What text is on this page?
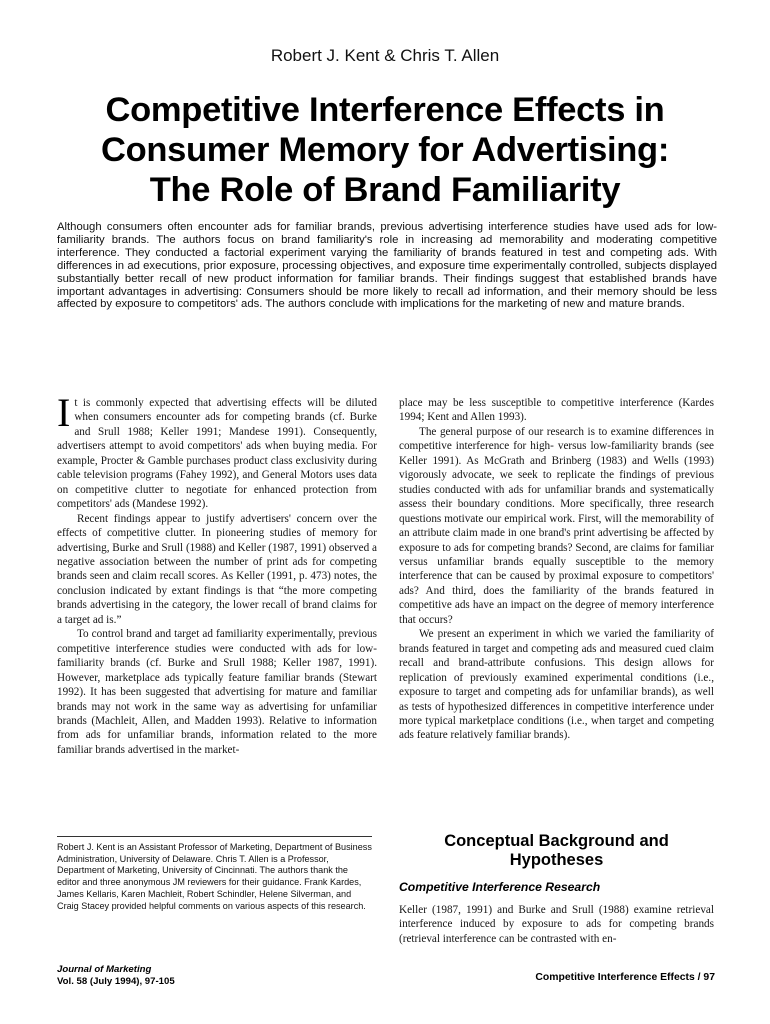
Robert J. Kent & Chris T. Allen
Competitive Interference Effects in
Consumer Memory for Advertising:
The Role of Brand Familiarity

Although consumers often encounter ads for familiar brands, previous advertising interference studies have used ads for low-familiarity brands. The authors focus on brand familiarity's role in increasing ad memorability and moderating competitive interference. They conducted a factorial experiment varying the familiarity of brands featured in test and competing ads. With differences in ad executions, prior exposure, processing objectives, and exposure time experimentally controlled, subjects displayed substantially better recall of new product information for familiar brands. Their findings suggest that established brands have important advantages in advertising: Consumers should be more likely to recall ad information, and their memory should be less affected by exposure to competitors' ads. The authors conclude with implications for the marketing of new and mature brands.

It is commonly expected that advertising effects will be diluted when consumers encounter ads for competing brands (cf. Burke and Srull 1988; Keller 1991; Mandese 1991). Consequently, advertisers attempt to avoid competitors' ads when buying media. For example, Procter & Gamble purchases product class exclusivity during cable television programs (Fahey 1992), and General Motors uses data on competitive clutter to negotiate for enhanced protection from competitors' ads (Mandese 1992).

Recent findings appear to justify advertisers' concern over the effects of competitive clutter. In pioneering studies of memory for advertising, Burke and Srull (1988) and Keller (1987, 1991) observed a negative association between the number of print ads for competing brands seen and claim recall scores. As Keller (1991, p. 473) notes, the conclusion indicated by extant findings is that “the more competing brands advertising in the category, the lower recall of brand claims for a target ad is.”

To control brand and target ad familiarity experimentally, previous competitive interference studies were conducted with ads for low-familiarity brands (cf. Burke and Srull 1988; Keller 1987, 1991). However, marketplace ads typically feature familiar brands (Stewart 1992). It has been suggested that advertising for mature and familiar brands may not work in the same way as advertising for unfamiliar brands (Machleit, Allen, and Madden 1993). Relative to information from ads for unfamiliar brands, information related to the more familiar brands advertised in the market-

place may be less susceptible to competitive interference (Kardes 1994; Kent and Allen 1993).

The general purpose of our research is to examine differences in competitive interference for high- versus low-familiarity brands (see Keller 1991). As McGrath and Brinberg (1983) and Wells (1993) vigorously advocate, we seek to replicate the findings of previous studies conducted with ads for unfamiliar brands and systematically assess their boundary conditions. More specifically, three research questions motivate our empirical work. First, will the memorability of an attribute claim made in one brand's print advertising be affected by exposure to ads for competing brands? Second, are claims for familiar versus unfamiliar brands equally susceptible to the memory interference that can be caused by proximal exposure to competitors' ads? And third, does the familiarity of the brands featured in competitive ads have an impact on the degree of memory interference that occurs?

We present an experiment in which we varied the familiarity of brands featured in target and competing ads and measured cued claim recall and brand-attribute confusions. This design allows for replication of previously examined experimental conditions (i.e., exposure to target and competing ads for unfamiliar brands), as well as tests of hypothesized differences in competitive interference under more typical marketplace conditions (i.e., when target and competing ads feature relatively familiar brands).

Conceptual Background and
Hypotheses
Competitive Interference Research

Keller (1987, 1991) and Burke and Srull (1988) examine retrieval interference induced by exposure to ads for competing brands (retrieval interference can be contrasted with en-

Robert J. Kent is an Assistant Professor of Marketing, Department of Business Administration, University of Delaware. Chris T. Allen is a Professor, Department of Marketing, University of Cincinnati. The authors thank the editor and three anonymous JM reviewers for their guidance. Frank Kardes, James Kellaris, Karen Machleit, Robert Schindler, Helene Silverman, and Craig Stacey provided helpful comments on various aspects of this research.

Journal of Marketing
Vol. 58 (July 1994), 97-105	Competitive Interference Effects / 97
